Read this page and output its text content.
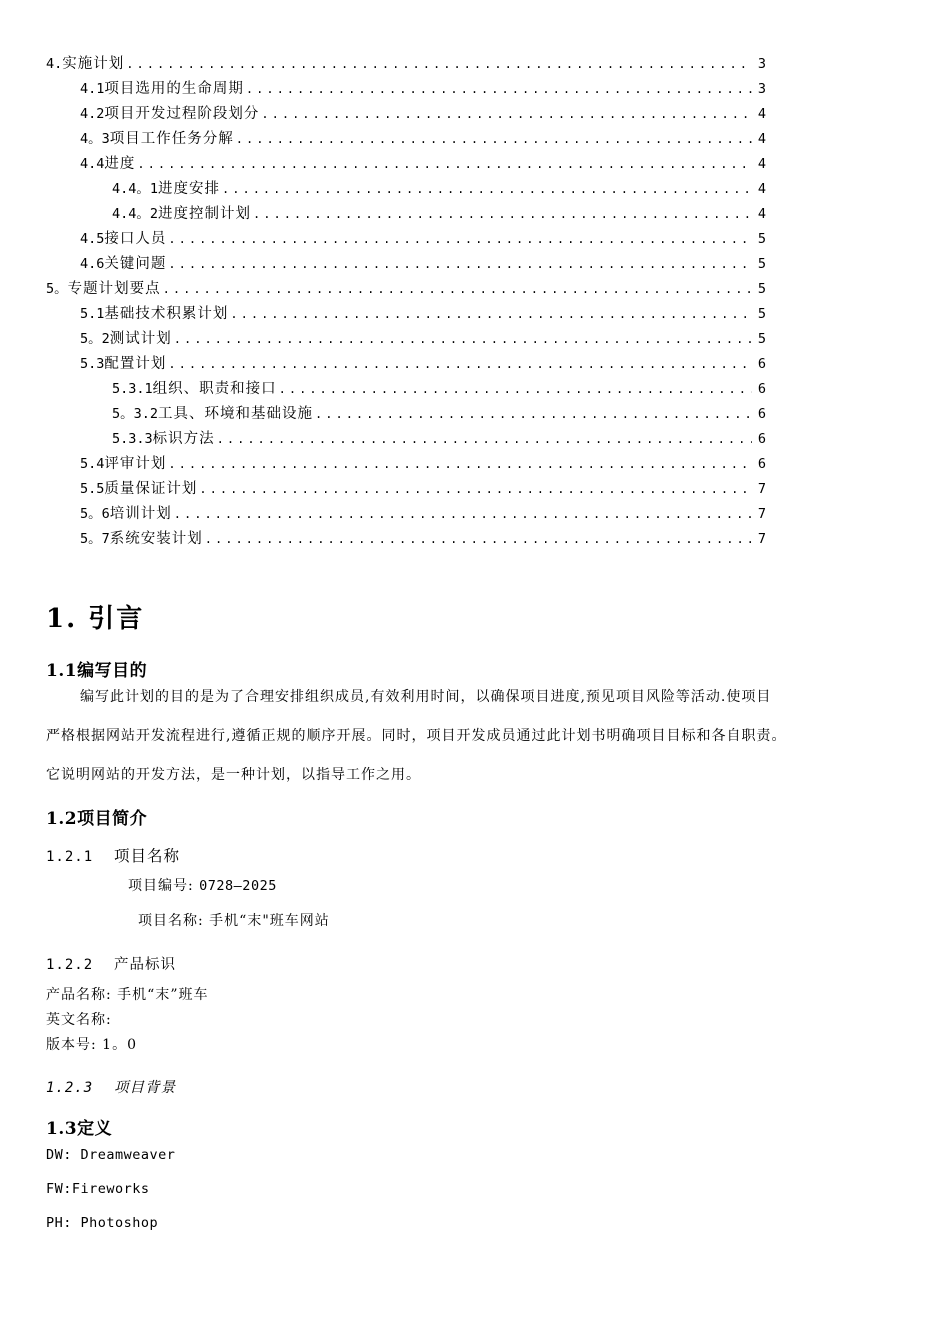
4. 实施计划 .....	3
4.1 项目选用的生命周期 .....	3
4.2 项目开发过程阶段划分 .....	4
4。3 项目工作任务分解 .....	4
4.4 进度 .....	4
4.4。1 进度安排 .....	4
4.4。2 进度控制计划 .....	4
4.5 接口人员 .....	5
4.6 关键问题 .....	5
5。 专题计划要点 .....	5
5.1 基础技术积累计划 .....	5
5。2 测试计划 .....	5
5.3 配置计划 .....	6
5.3.1 组织、职责和接口 .....	6
5。3.2 工具、环境和基础设施 .....	6
5.3.3 标识方法 .....	6
5.4 评审计划 .....	6
5.5 质量保证计划 .....	7
5。6 培训计划 .....	7
5。7 系统安装计划 .....	7
1. 引言
1.1编写目的
编写此计划的目的是为了合理安排组织成员,有效利用时间，以确保项目进度,预见项目风险等活动.使项目
严格根据网站开发流程进行,遵循正规的顺序开展。同时，项目开发成员通过此计划书明确项目目标和各自职责。
它说明网站的开发方法，是一种计划，以指导工作之用。
1.2项目简介
1.2.1 项目名称
项目编号: 0728—2025
项目名称: 手机“末"班车网站
1.2.2 产品标识
产品名称: 手机“末”班车
英文名称:
版本号: 1。0
1.2.3 项目背景
1.3定义
DW: Dreamweaver
FW:Fireworks
PH: Photoshop
